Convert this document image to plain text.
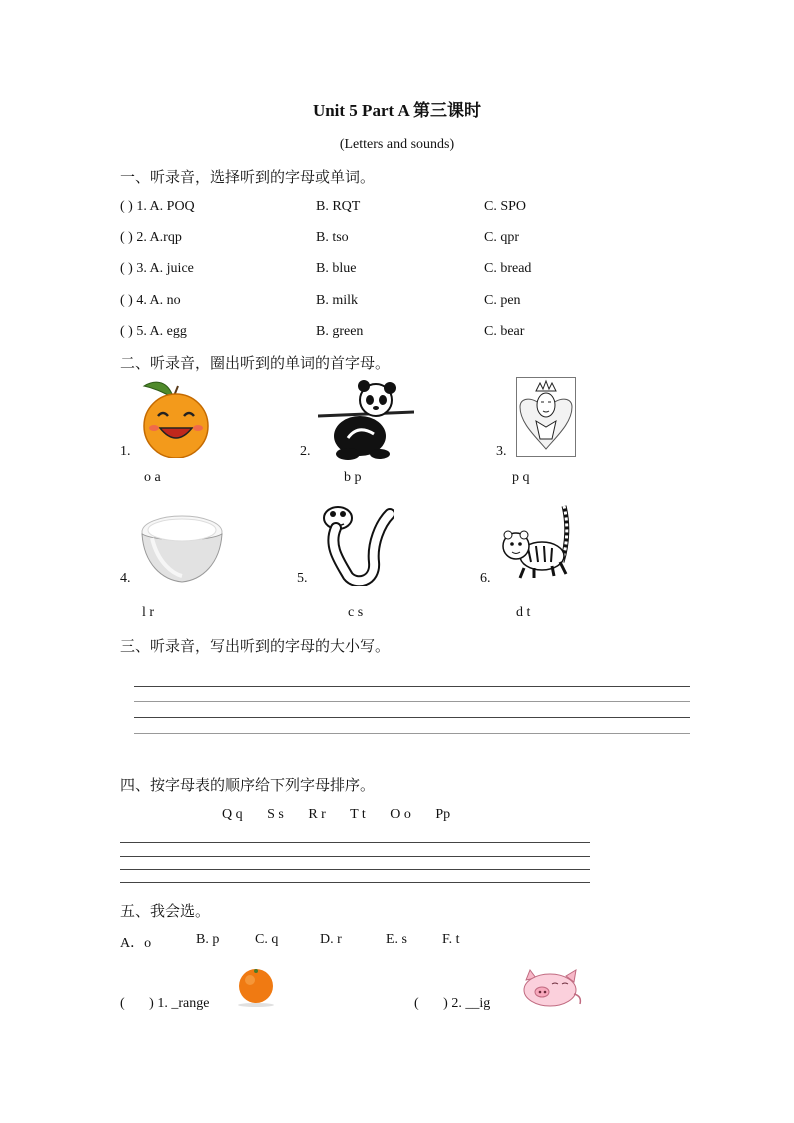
Unit 5 Part A 第三课时
(Letters and sounds)
一、听录音，选择听到的字母或单词。
( ) 1. A. POQ	B. RQT	C. SPO
( ) 2. A.rqp	B. tso	C. qpr
( ) 3. A. juice	B. blue	C. bread
( ) 4. A. no	B. milk	C. pen
( ) 5. A. egg	B. green	C. bear
二、听录音，圈出听到的单词的首字母。
1.
o a
2.
b p
3.
p q
4.
l r
5.
c s
6.
d t
三、听录音，写出听到的字母的大小写。
四、按字母表的顺序给下列字母排序。
Q q       S s       R r       T t       O o       Pp
五、我会选。
A．o	B. p	C. q	D. r	E. s	F. t
(       ) 1. _range	(       ) 2. __ig
